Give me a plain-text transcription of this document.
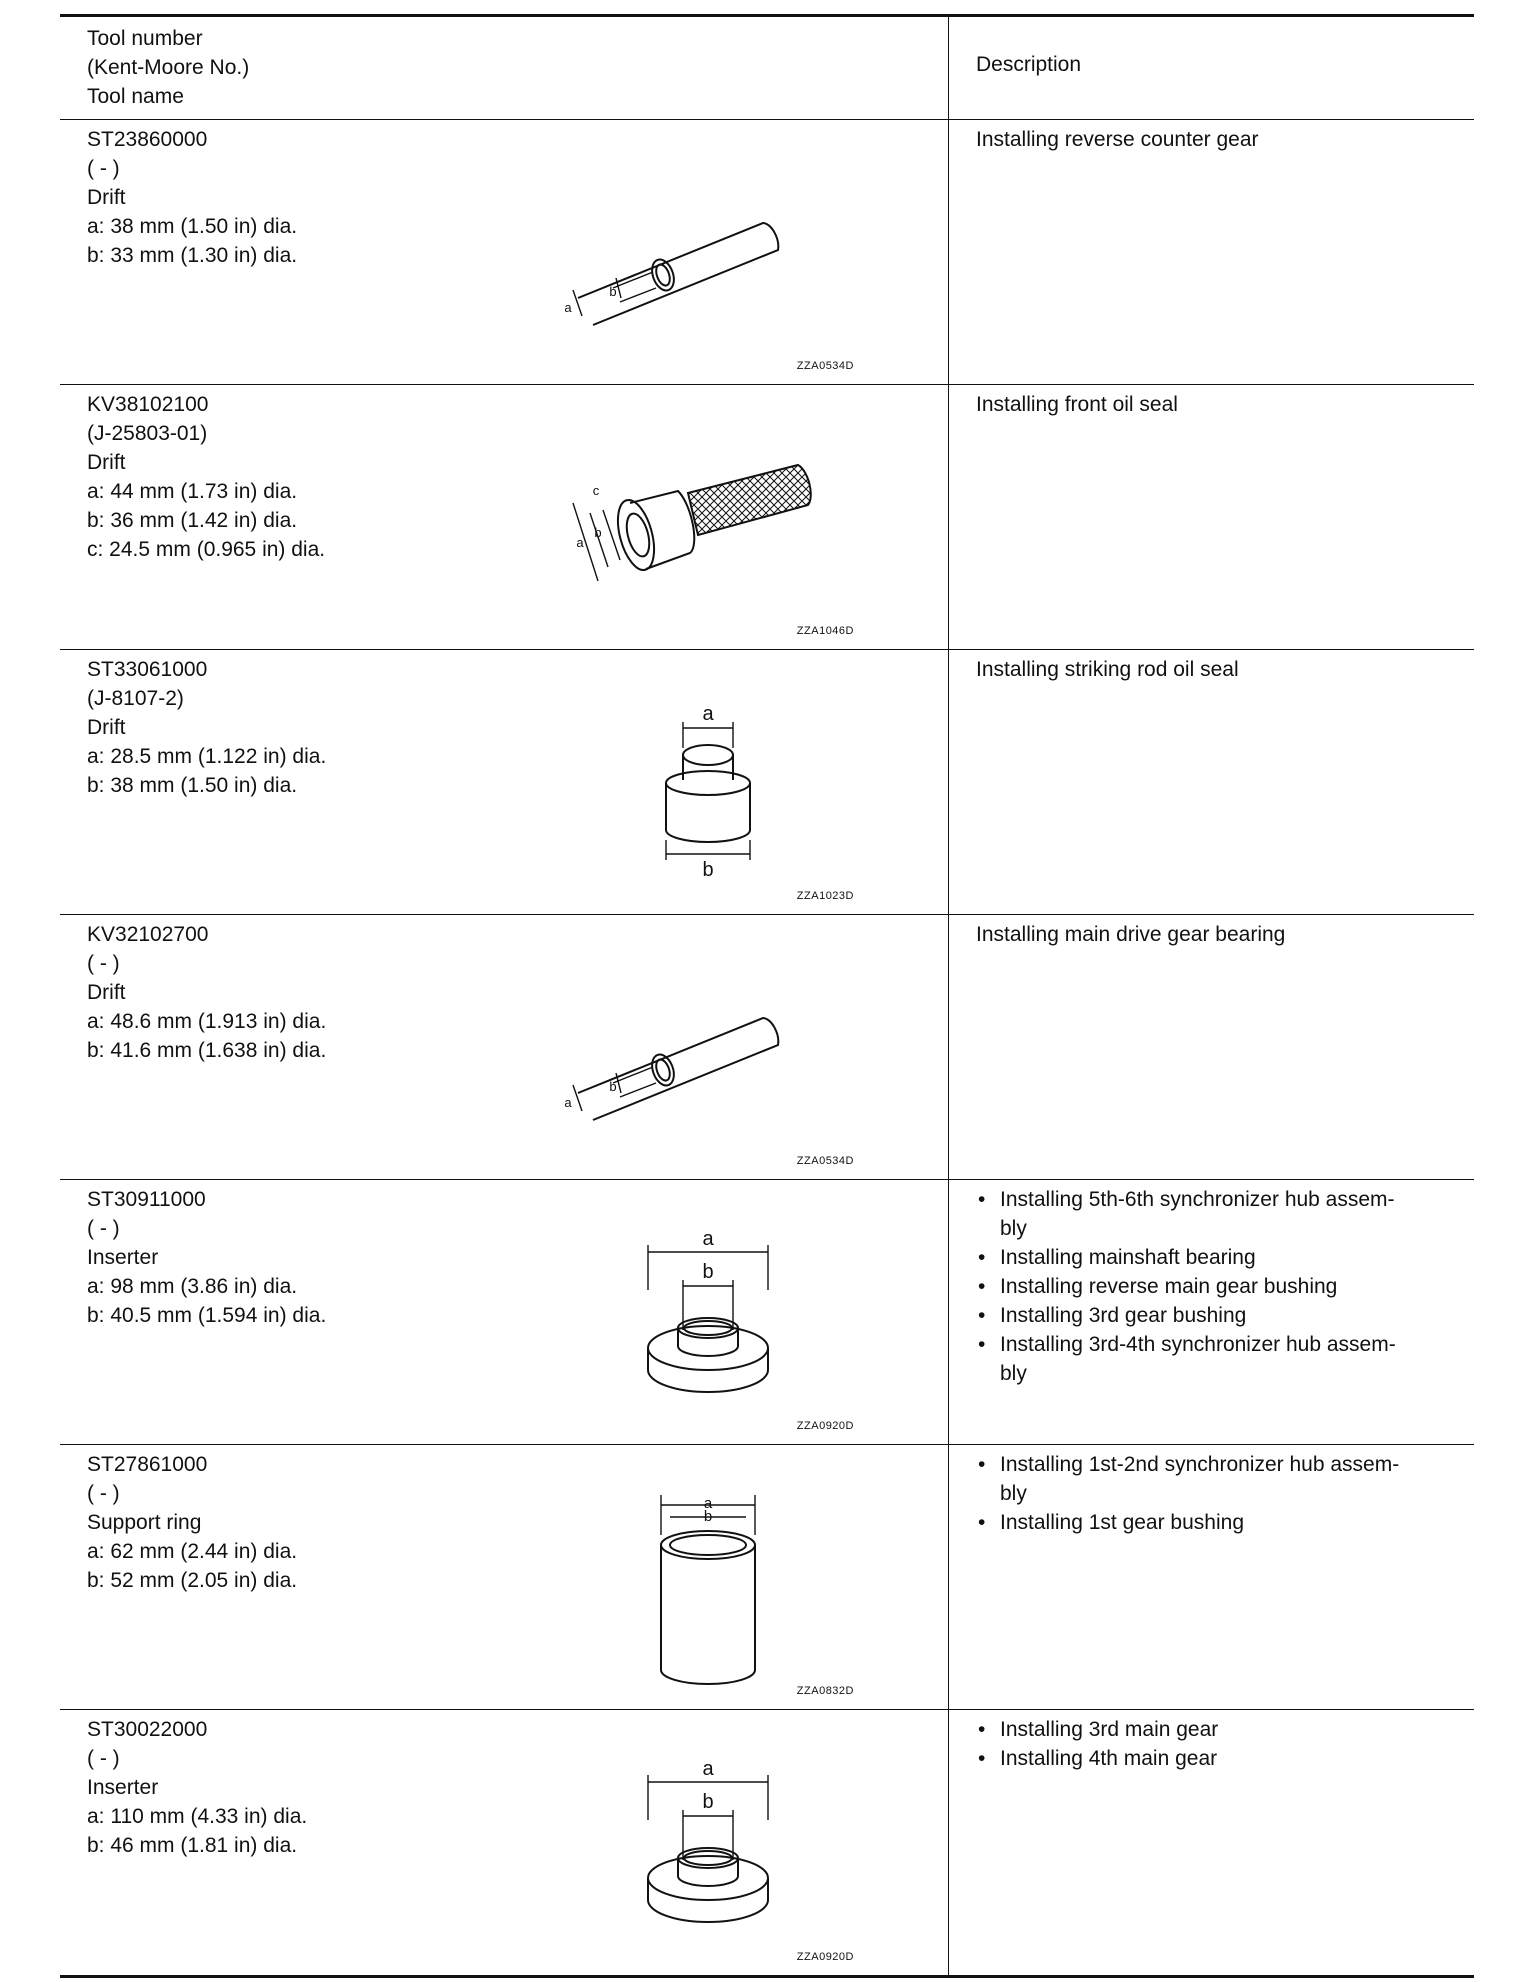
Tool number
(Kent-Moore No.)
Tool name
Description
ST23860000
( - )
Drift
a: 38 mm (1.50 in) dia.
b: 33 mm (1.30 in) dia.
a
b
ZZA0534D
Installing reverse counter gear
KV38102100
(J-25803-01)
Drift
a: 44 mm (1.73 in) dia.
b: 36 mm (1.42 in) dia.
c: 24.5 mm (0.965 in) dia.	a
b
c
ZZA1046D
Installing front oil seal
ST33061000
(J-8107-2)
Drift
a: 28.5 mm (1.122 in) dia.
b: 38 mm (1.50 in) dia.
a
b
ZZA1023D
Installing striking rod oil seal
KV32102700
( - )
Drift
a: 48.6 mm (1.913 in) dia.
b: 41.6 mm (1.638 in) dia.
a
b
ZZA0534D
Installing main drive gear bearing
ST30911000
( - )
Inserter
a: 98 mm (3.86 in) dia.
b: 40.5 mm (1.594 in) dia.
a
b
ZZA0920D
• Installing 5th-6th synchronizer hub assem-
bly
• Installing mainshaft bearing
• Installing reverse main gear bushing
• Installing 3rd gear bushing
• Installing 3rd-4th synchronizer hub assem-
bly
ST27861000
( - )
Support ring
a: 62 mm (2.44 in) dia.
b: 52 mm (2.05 in) dia.
a
b
ZZA0832D
• Installing 1st-2nd synchronizer hub assem-
bly
• Installing 1st gear bushing
ST30022000
( - )
Inserter
a: 110 mm (4.33 in) dia.
b: 46 mm (1.81 in) dia.
a
b
ZZA0920D
• Installing 3rd main gear
• Installing 4th main gear
